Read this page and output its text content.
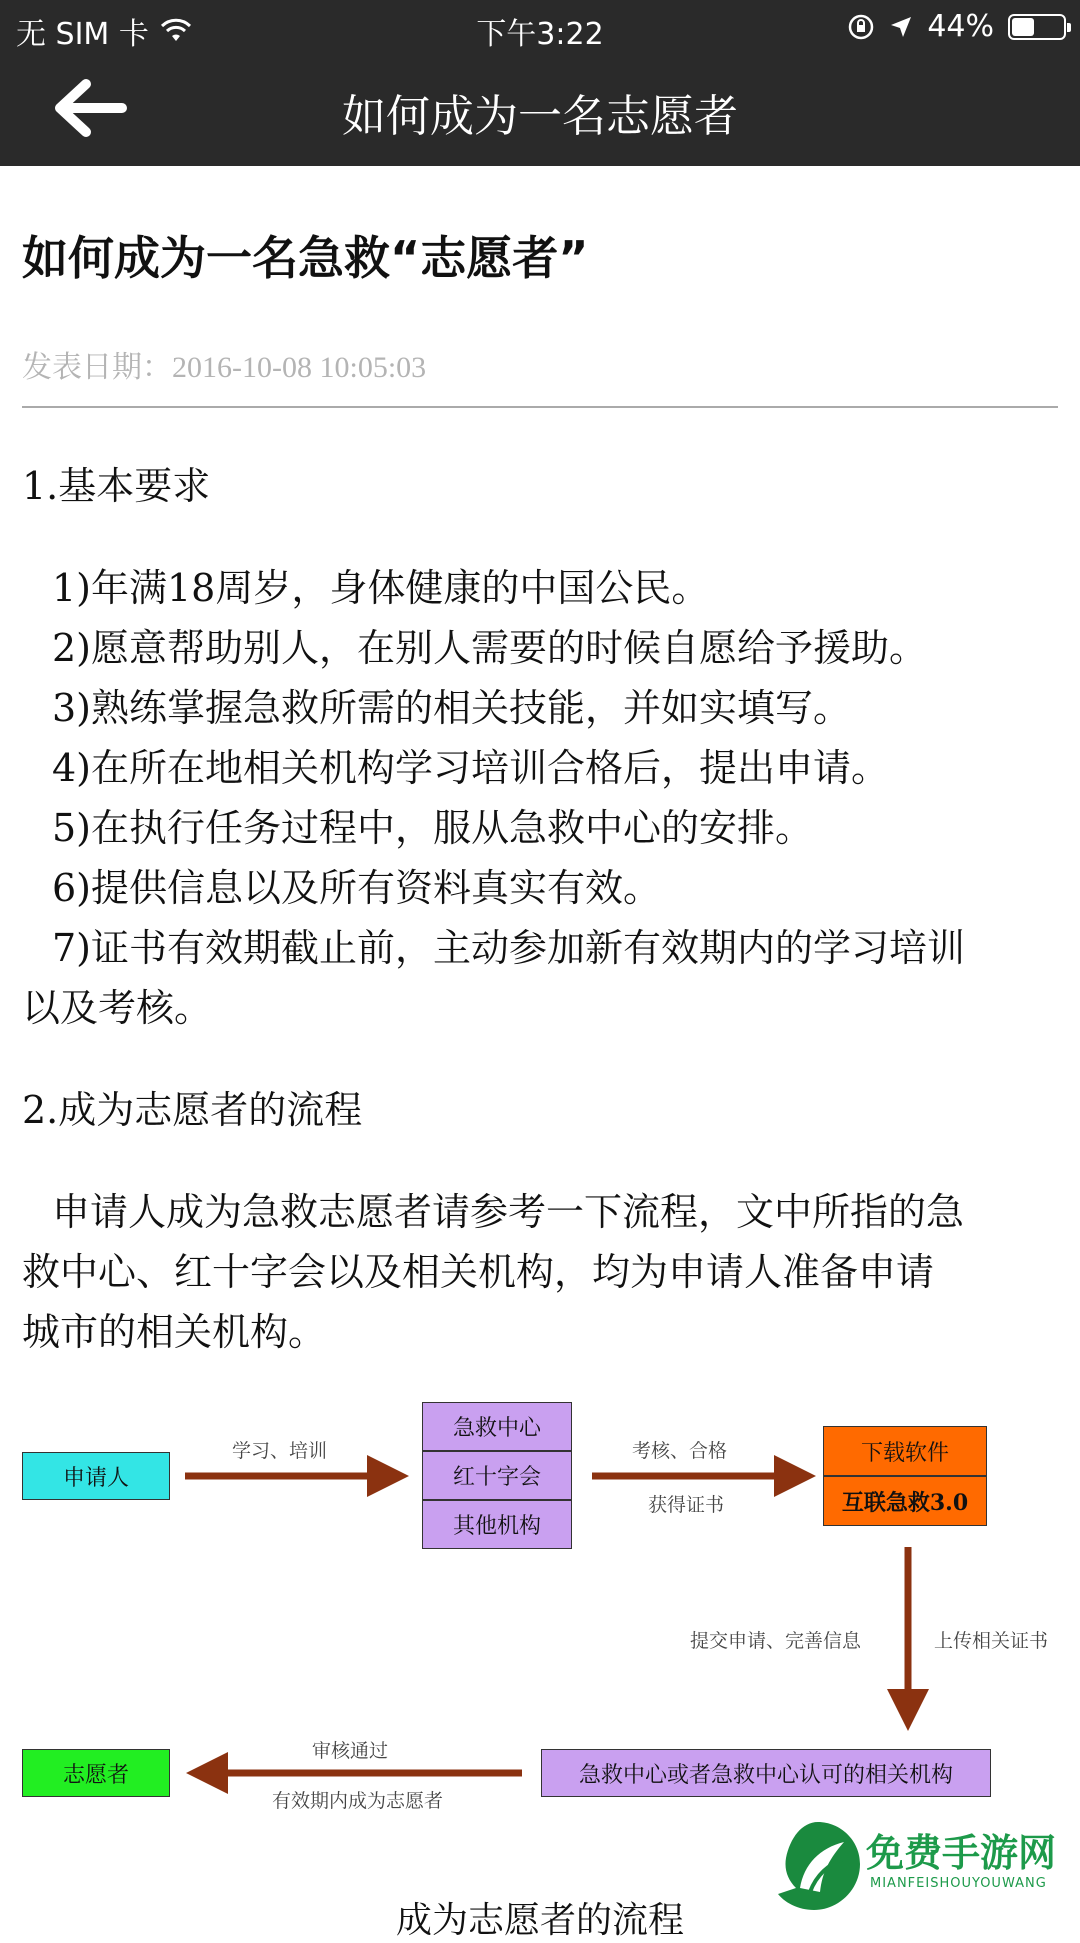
无 SIM 卡	下午3:22	44%
如何成为一名志愿者
如何成为一名急救“志愿者”
发表日期：2016-10-08 10:05:03
1.基本要求
1)年满18周岁，身体健康的中国公民。
2)愿意帮助别人，在别人需要的时候自愿给予援助。
3)熟练掌握急救所需的相关技能，并如实填写。
4)在所在地相关机构学习培训合格后，提出申请。
5)在执行任务过程中，服从急救中心的安排。
6)提供信息以及所有资料真实有效。
7)证书有效期截止前，主动参加新有效期内的学习培训
以及考核。
2.成为志愿者的流程
申请人成为急救志愿者请参考一下流程，文中所指的急
救中心、红十字会以及相关机构，均为申请人准备申请
城市的相关机构。
申请人
学习、培训
急救中心
红十字会
其他机构
考核、合格
获得证书
下载软件
互联急救3.0
提交申请、完善信息	上传相关证书
急救中心或者急救中心认可的相关机构
审核通过
有效期内成为志愿者
志愿者
成为志愿者的流程
免费手游网
MIANFEISHOUYOUWANG
